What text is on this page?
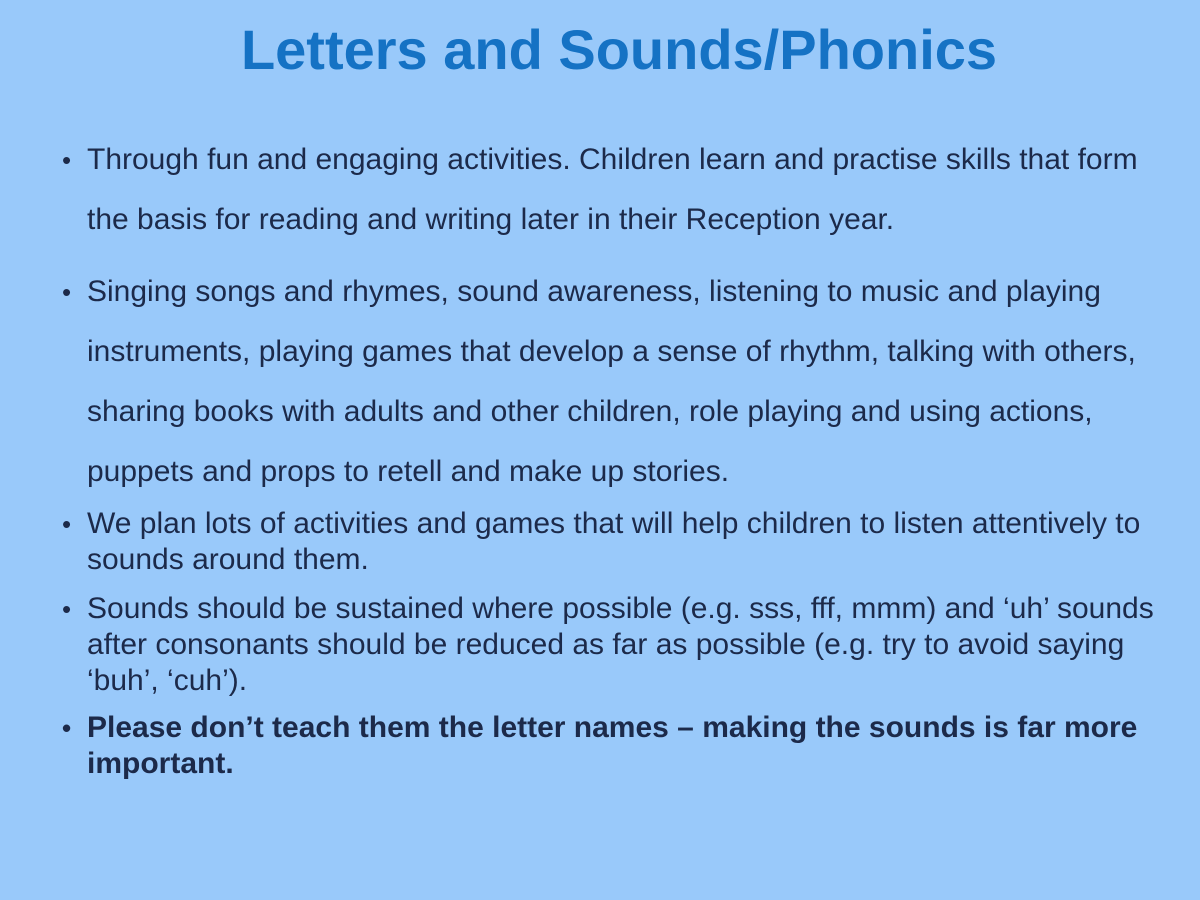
Letters and Sounds/Phonics
• Through fun and engaging activities. Children learn and practise skills that form the basis for reading and writing later in their Reception year.
• Singing songs and rhymes, sound awareness, listening to music and playing instruments, playing games that develop a sense of rhythm, talking with others, sharing books with adults and other children, role playing and using actions, puppets and props to retell and make up stories.
• We plan lots of activities and games that will help children to listen attentively to sounds around them.
• Sounds should be sustained where possible (e.g. sss, fff, mmm) and ‘uh’ sounds after consonants should be reduced as far as possible (e.g. try to avoid saying ‘buh’, ‘cuh’).
• Please don’t teach them the letter names – making the sounds is far more important.
